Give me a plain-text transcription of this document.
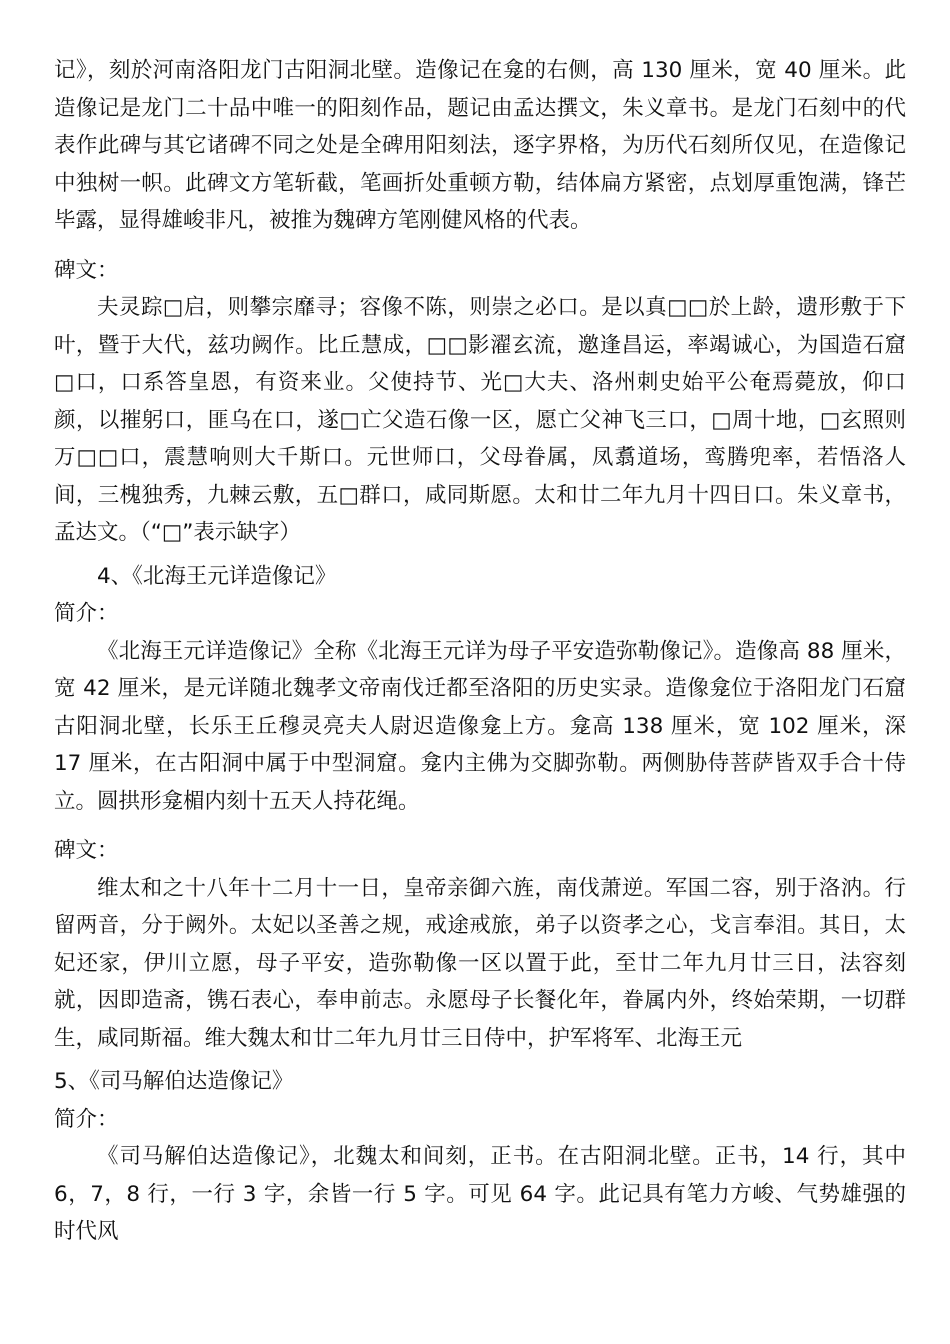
记》，刻於河南洛阳龙门古阳洞北壁。造像记在龛的右侧，高 130 厘米，宽 40 厘米。此造像记是龙门二十品中唯一的阳刻作品，题记由孟达撰文，朱义章书。是龙门石刻中的代表作此碑与其它诸碑不同之处是全碑用阳刻法，逐字界格，为历代石刻所仅见，在造像记中独树一帜。此碑文方笔斩截，笔画折处重顿方勒，结体扁方紧密，点划厚重饱满，锋芒毕露，显得雄峻非凡，被推为魏碑方笔刚健风格的代表。

碑文：

夫灵踪□启，则攀宗靡寻；容像不陈，则崇之必口。是以真□□於上龄，遗形敷于下叶，暨于大代，兹功阙作。比丘慧成，□□影濯玄流，邀逢昌运，率竭诚心，为国造石窟□口，口系答皇恩，有资来业。父使持节、光□大夫、洛州刺史始平公奄焉薨放，仰口颜，以摧躬口，匪乌在口，遂□亡父造石像一区，愿亡父神飞三口，□周十地，□玄照则万□□口，震慧响则大千斯口。元世师口，父母眷属，凤翥道场，鸾腾兜率，若悟洛人间，三槐独秀，九棘云敷，五□群口，咸同斯愿。太和廿二年九月十四日口。朱义章书，孟达文。（“□”表示缺字）

4、《北海王元详造像记》

简介：

《北海王元详造像记》全称《北海王元详为母子平安造弥勒像记》。造像高 88 厘米，宽 42 厘米，是元详随北魏孝文帝南伐迁都至洛阳的历史实录。造像龛位于洛阳龙门石窟古阳洞北壁，长乐王丘穆灵亮夫人尉迟造像龛上方。龛高 138 厘米，宽 102 厘米，深 17 厘米，在古阳洞中属于中型洞窟。龛内主佛为交脚弥勒。两侧胁侍菩萨皆双手合十侍立。圆拱形龛楣内刻十五天人持花绳。

碑文：

维太和之十八年十二月十一日，皇帝亲御六旌，南伐萧逆。军国二容，别于洛汭。行留两音，分于阙外。太妃以圣善之规，戒途戒旅，弟子以资孝之心，戈言奉泪。其日，太妃还家，伊川立愿，母子平安，造弥勒像一区以置于此，至廿二年九月廿三日，法容刻就，因即造斋，镌石表心，奉申前志。永愿母子长餐化年，眷属内外，终始荣期，一切群生，咸同斯福。维大魏太和廿二年九月廿三日侍中，护军将军、北海王元

5、《司马解伯达造像记》

简介：

《司马解伯达造像记》，北魏太和间刻，正书。在古阳洞北壁。正书，14 行，其中 6，7，8 行，一行 3 字，余皆一行 5 字。可见 64 字。此记具有笔力方峻、气势雄强的时代风
